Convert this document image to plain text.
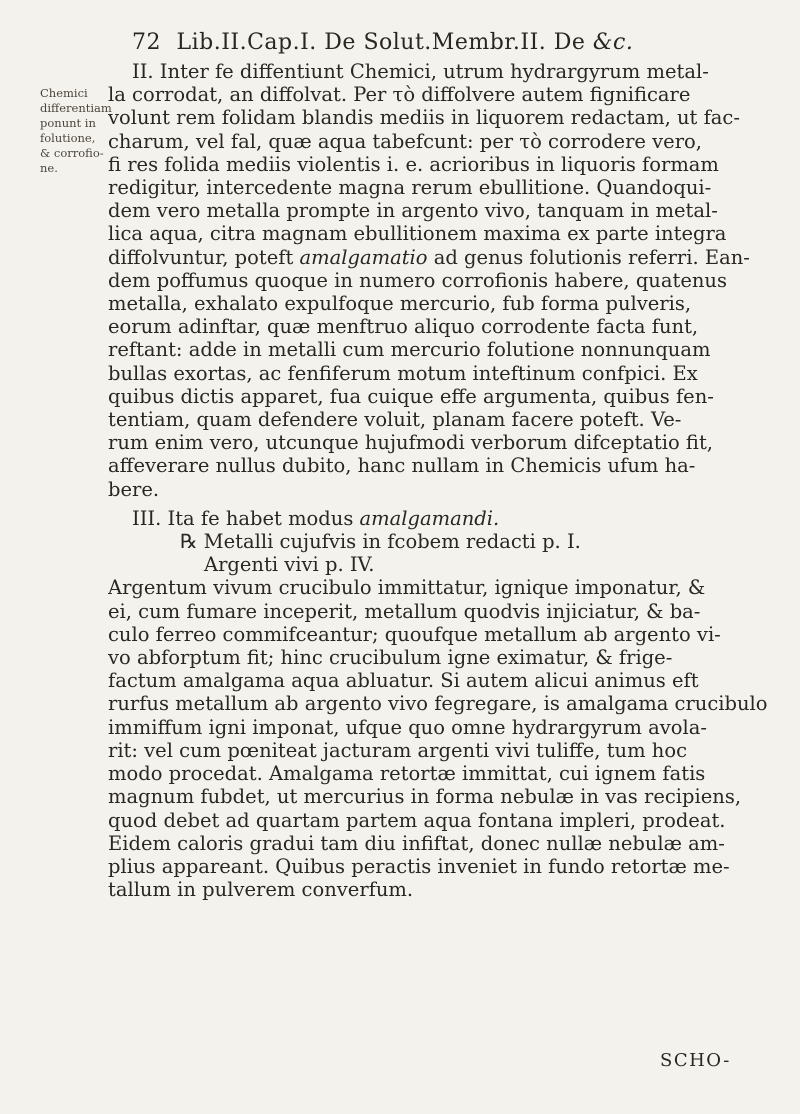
72 Lib.II.Cap.I. De Solut.Membr.II. De &c.
Chemici
differentiam
ponunt in
folutione,
& corrofio-
ne.
II. Inter fe diffentiunt Chemici, utrum hydrargyrum metal-
la corrodat, an diffolvat. Per τὸ diffolvere autem fignificare
volunt rem folidam blandis mediis in liquorem redactam, ut fac-
charum, vel fal, quæ aqua tabefcunt: per τὸ corrodere vero,
fi res folida mediis violentis i. e. acrioribus in liquoris formam
redigitur, intercedente magna rerum ebullitione. Quandoqui-
dem vero metalla prompte in argento vivo, tanquam in metal-
lica aqua, citra magnam ebullitionem maxima ex parte integra
diffolvuntur, poteft amalgamatio ad genus folutionis referri. Ean-
dem poffumus quoque in numero corrofionis habere, quatenus
metalla, exhalato expulfoque mercurio, fub forma pulveris,
eorum adinftar, quæ menftruo aliquo corrodente facta funt,
reftant: adde in metalli cum mercurio folutione nonnunquam
bullas exortas, ac fenfiferum motum inteftinum confpici. Ex
quibus dictis apparet, fua cuique effe argumenta, quibus fen-
tentiam, quam defendere voluit, planam facere poteft. Ve-
rum enim vero, utcunque hujufmodi verborum difceptatio fit,
affeverare nullus dubito, hanc nullam in Chemicis ufum ha-
bere.
III. Ita fe habet modus amalgamandi.
℞ Metalli cujufvis in fcobem redacti p. I.
Argenti vivi p. IV.
Argentum vivum crucibulo immittatur, ignique imponatur, &
ei, cum fumare inceperit, metallum quodvis injiciatur, & ba-
culo ferreo commifceantur; quoufque metallum ab argento vi-
vo abforptum fit; hinc crucibulum igne eximatur, & frige-
factum amalgama aqua abluatur. Si autem alicui animus eft
rurfus metallum ab argento vivo fegregare, is amalgama crucibulo
immiffum igni imponat, ufque quo omne hydrargyrum avola-
rit: vel cum pœniteat jacturam argenti vivi tuliffe, tum hoc
modo procedat. Amalgama retortæ immittat, cui ignem fatis
magnum fubdet, ut mercurius in forma nebulæ in vas recipiens,
quod debet ad quartam partem aqua fontana impleri, prodeat.
Eidem caloris gradui tam diu infiftat, donec nullæ nebulæ am-
plius appareant. Quibus peractis inveniet in fundo retortæ me-
tallum in pulverem converfum.
SCHO-
